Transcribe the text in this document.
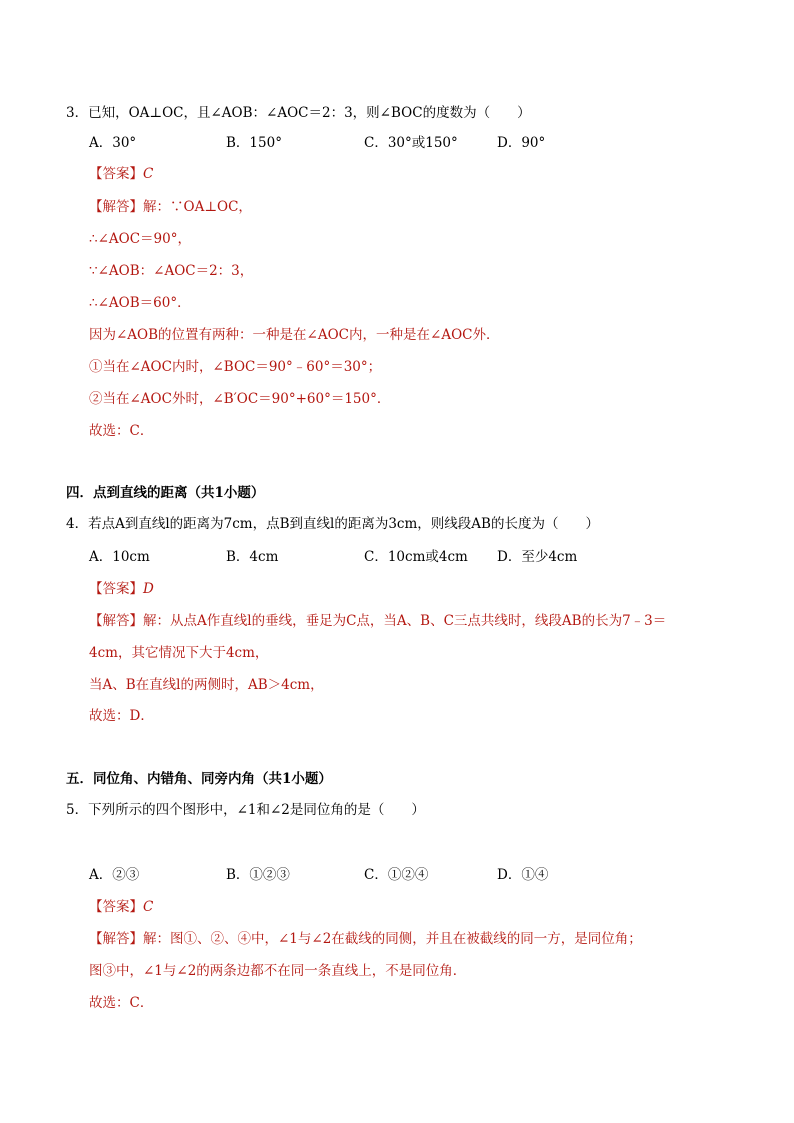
3．已知，OA⊥OC，且∠AOB：∠AOC＝2：3，则∠BOC的度数为（　　）
A．30°	B．150°	C．30°或150°	D．90°
【答案】C
【解答】解：∵OA⊥OC，
∴∠AOC＝90°，
∵∠AOB：∠AOC＝2：3，
∴∠AOB＝60°．
因为∠AOB的位置有两种：一种是在∠AOC内，一种是在∠AOC外．
①当在∠AOC内时，∠BOC＝90°﹣60°＝30°；
②当在∠AOC外时，∠B′OC＝90°+60°＝150°．
故选：C．
四．点到直线的距离（共1小题）
4．若点A到直线l的距离为7cm，点B到直线l的距离为3cm，则线段AB的长度为（　　）
A．10cm	B．4cm	C．10cm或4cm D．至少4cm
【答案】D
【解答】解：从点A作直线l的垂线，垂足为C点，当A、B、C三点共线时，线段AB的长为7﹣3＝
4cm，其它情况下大于4cm，
当A、B在直线l的两侧时，AB＞4cm，
故选：D．
五．同位角、内错角、同旁内角（共1小题）
5．下列所示的四个图形中，∠1和∠2是同位角的是（　　）
A．②③	B．①②③	C．①②④	D．①④
【答案】C
【解答】解：图①、②、④中，∠1与∠2在截线的同侧，并且在被截线的同一方，是同位角；
图③中，∠1与∠2的两条边都不在同一条直线上，不是同位角．
故选：C．
